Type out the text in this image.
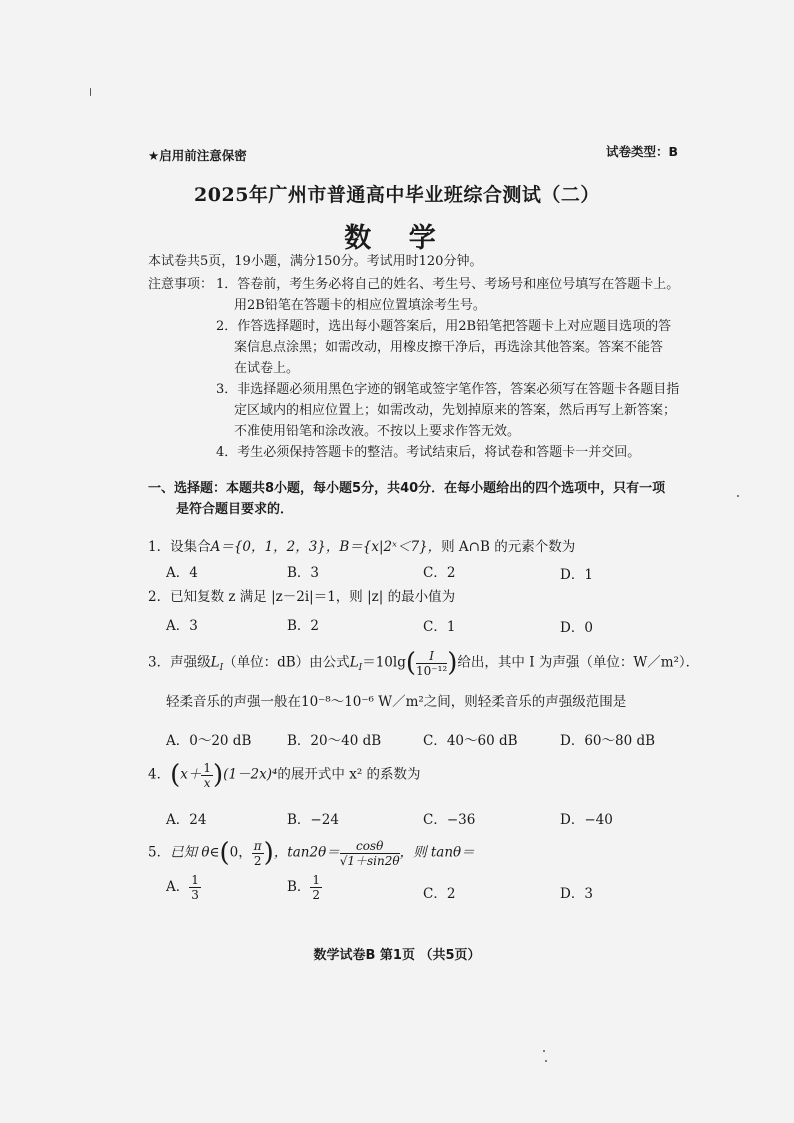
★启用前注意保密	试卷类型：B
2025年广州市普通高中毕业班综合测试（二）
数 学
本试卷共5页，19小题，满分150分。考试用时120分钟。
注意事项： 1．答卷前，考生务必将自己的姓名、考生号、考场号和座位号填写在答题卡上。
用2B铅笔在答题卡的相应位置填涂考生号。
2．作答选择题时，选出每小题答案后，用2B铅笔把答题卡上对应题目选项的答
案信息点涂黑；如需改动，用橡皮擦干净后，再选涂其他答案。答案不能答
在试卷上。
3．非选择题必须用黑色字迹的钢笔或签字笔作答，答案必须写在答题卡各题目指
定区域内的相应位置上；如需改动，先划掉原来的答案，然后再写上新答案；
不准使用铅笔和涂改液。不按以上要求作答无效。
4．考生必须保持答题卡的整洁。考试结束后，将试卷和答题卡一并交回。
一、选择题：本题共8小题，每小题5分，共40分．在每小题给出的四个选项中，只有一项
是符合题目要求的．
1．设集合A＝{0，1，2，3}，B＝{x|2ˣ＜7}，则 A∩B 的元素个数为
A．4	B．3	C．2	D．1
2．已知复数 z 满足 |z－2i|＝1，则 |z| 的最小值为
A．3	B．2	C．1	D．0
3．声强级$L_I$（单位：dB）由公式$L_I=10\lg( \frac{I}{\text{10⁻¹²}}$ )给出，其中 I 为声强（单位：W／m²）．
轻柔音乐的声强一般在10⁻⁸～10⁻⁶ W／m²之间，则轻柔音乐的声强级范围是
A．0～20 dB	B．20～40 dB	C．40～60 dB	D．60～80 dB
4．$(x+ \frac{1}{x} )(1-2x)^4$的展开式中 x² 的系数为
A．24	B．−24	C．−36	D．−40
5．已知 θ∈(0， $\frac{\pi}{2}$ )，$\tan 2\theta= \frac{\cos\theta}{√1+\sin 2\theta}$ ，则 tanθ＝
A． $\frac{1}{3}$	B． $\frac{1}{2}$	C．2	D．3
数学试卷B 第1页 （共5页）
